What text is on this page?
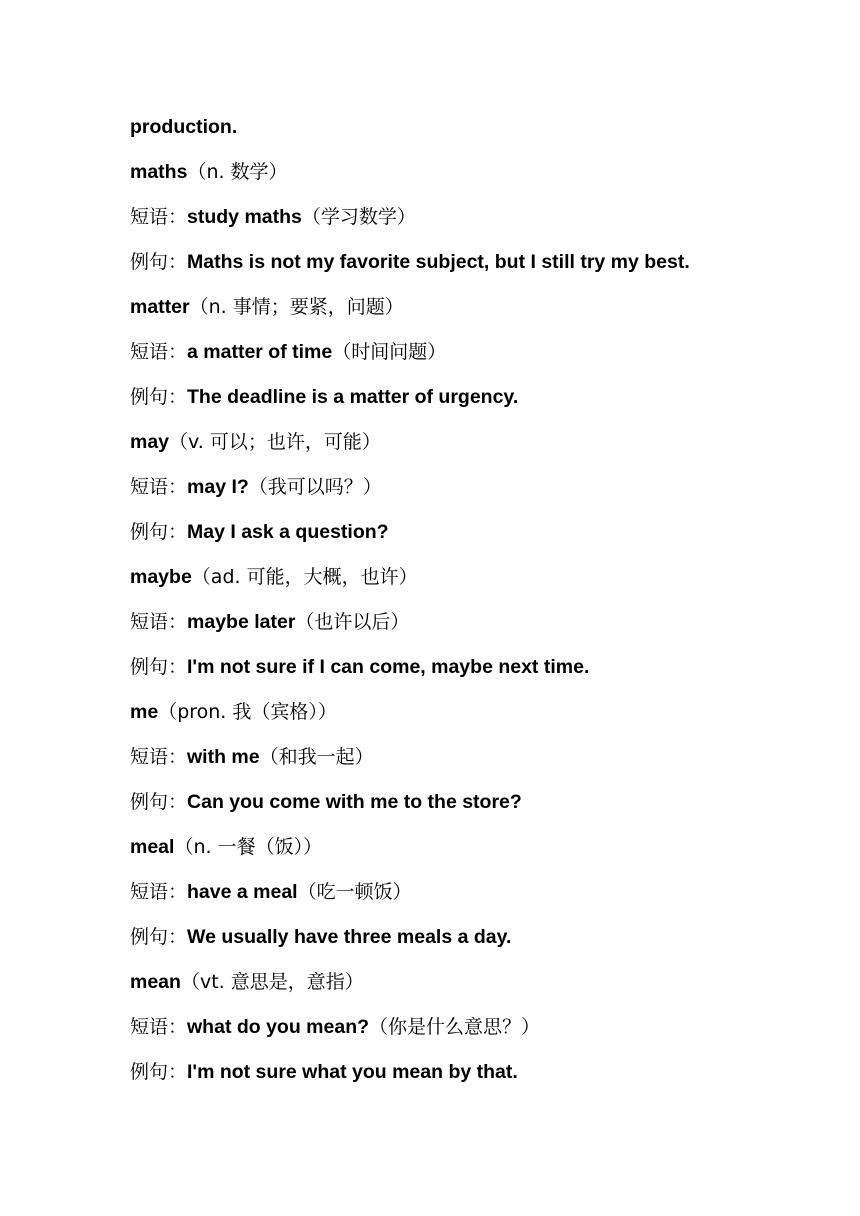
production.
maths（n. 数学）
短语：study maths（学习数学）
例句：Maths is not my favorite subject, but I still try my best.
matter（n. 事情；要紧，问题）
短语：a matter of time（时间问题）
例句：The deadline is a matter of urgency.
may（v. 可以；也许，可能）
短语：may I?（我可以吗？）
例句：May I ask a question?
maybe（ad. 可能，大概，也许）
短语：maybe later（也许以后）
例句：I'm not sure if I can come, maybe next time.
me（pron. 我（宾格））
短语：with me（和我一起）
例句：Can you come with me to the store?
meal（n. 一餐（饭））
短语：have a meal（吃一顿饭）
例句：We usually have three meals a day.
mean（vt. 意思是，意指）
短语：what do you mean?（你是什么意思？）
例句：I'm not sure what you mean by that.
